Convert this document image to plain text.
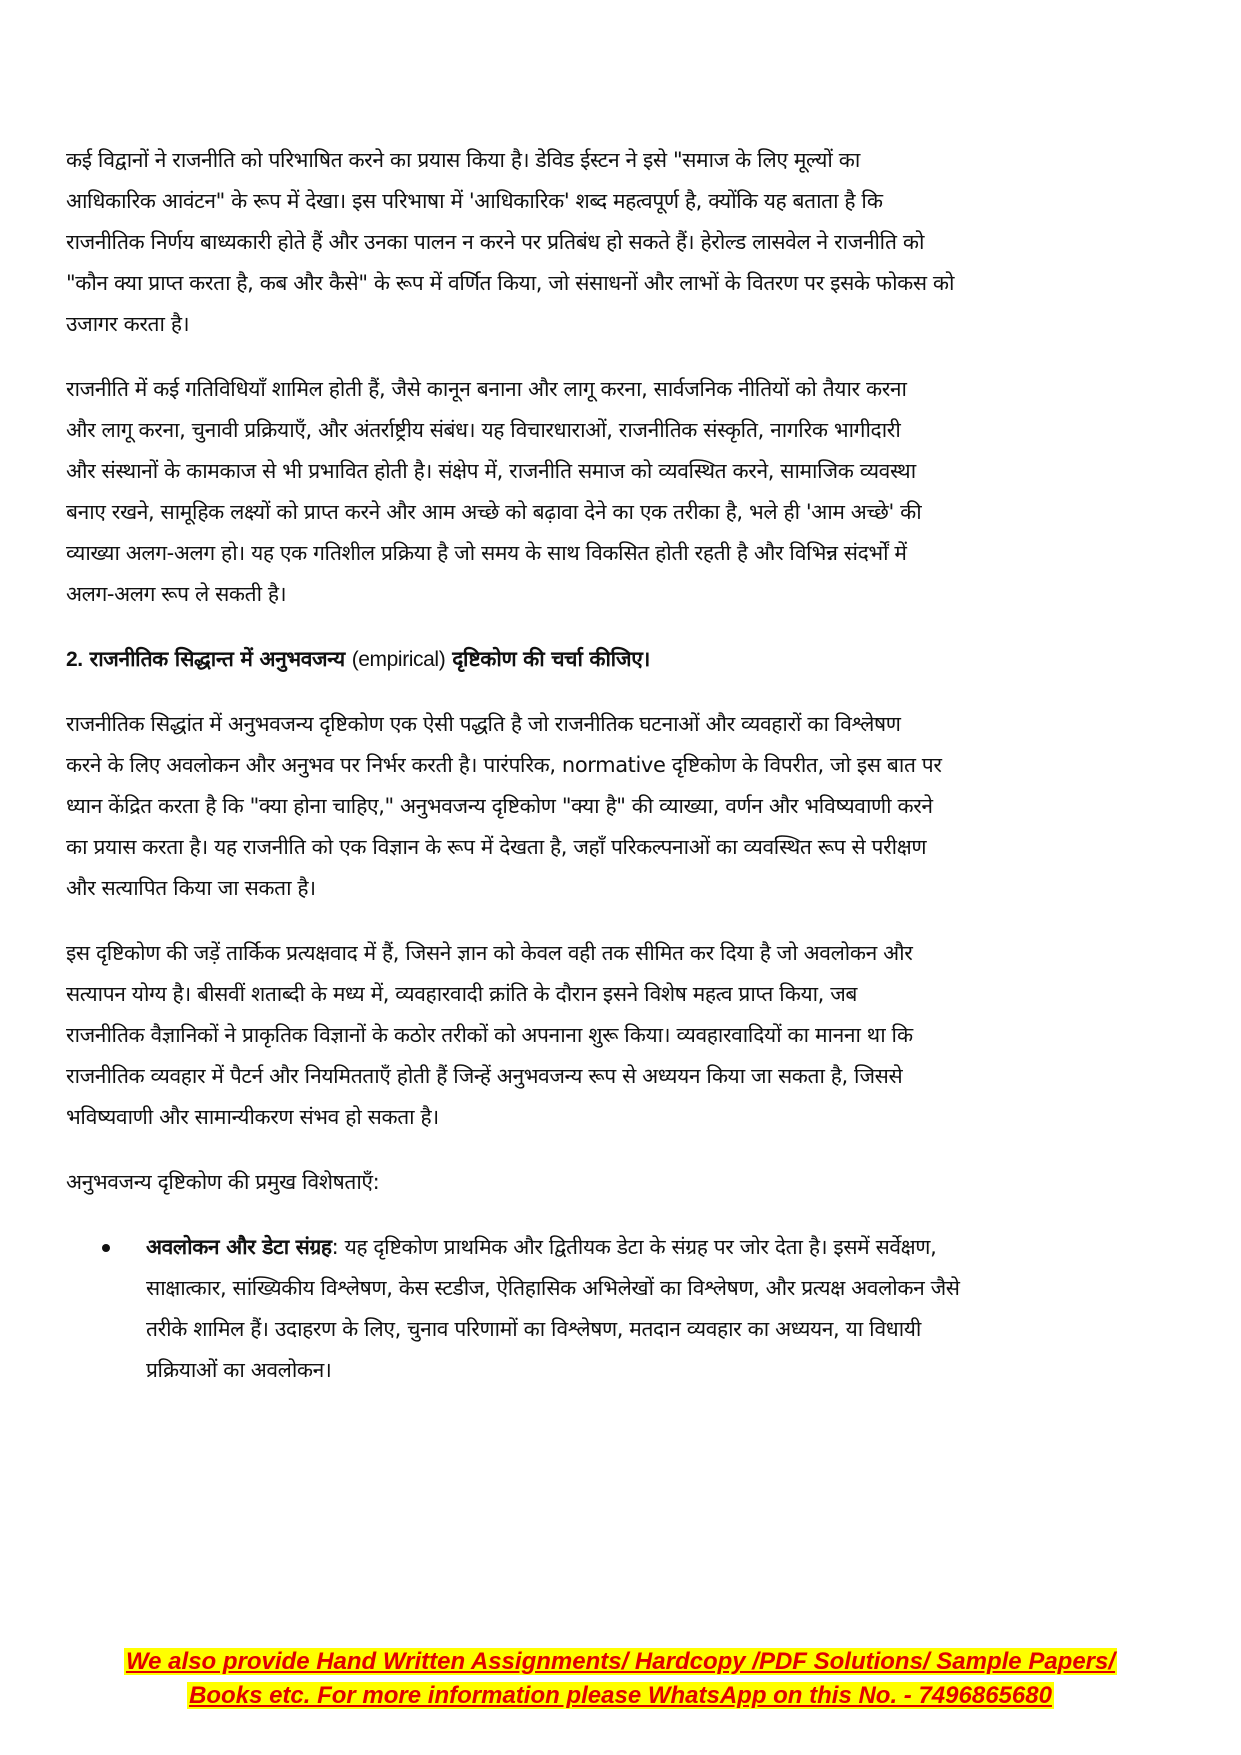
कई विद्वानों ने राजनीति को परिभाषित करने का प्रयास किया है। डेविड ईस्टन ने इसे "समाज के लिए मूल्यों का
आधिकारिक आवंटन" के रूप में देखा। इस परिभाषा में 'आधिकारिक' शब्द महत्वपूर्ण है, क्योंकि यह बताता है कि
राजनीतिक निर्णय बाध्यकारी होते हैं और उनका पालन न करने पर प्रतिबंध हो सकते हैं। हेरोल्ड लासवेल ने राजनीति को
"कौन क्या प्राप्त करता है, कब और कैसे" के रूप में वर्णित किया, जो संसाधनों और लाभों के वितरण पर इसके फोकस को
उजागर करता है।
राजनीति में कई गतिविधियाँ शामिल होती हैं, जैसे कानून बनाना और लागू करना, सार्वजनिक नीतियों को तैयार करना
और लागू करना, चुनावी प्रक्रियाएँ, और अंतर्राष्ट्रीय संबंध। यह विचारधाराओं, राजनीतिक संस्कृति, नागरिक भागीदारी
और संस्थानों के कामकाज से भी प्रभावित होती है। संक्षेप में, राजनीति समाज को व्यवस्थित करने, सामाजिक व्यवस्था
बनाए रखने, सामूहिक लक्ष्यों को प्राप्त करने और आम अच्छे को बढ़ावा देने का एक तरीका है, भले ही 'आम अच्छे' की
व्याख्या अलग-अलग हो। यह एक गतिशील प्रक्रिया है जो समय के साथ विकसित होती रहती है और विभिन्न संदर्भों में
अलग-अलग रूप ले सकती है।
2. राजनीतिक सिद्धान्त में अनुभवजन्य (empirical) दृष्टिकोण की चर्चा कीजिए।
राजनीतिक सिद्धांत में अनुभवजन्य दृष्टिकोण एक ऐसी पद्धति है जो राजनीतिक घटनाओं और व्यवहारों का विश्लेषण
करने के लिए अवलोकन और अनुभव पर निर्भर करती है। पारंपरिक, normative दृष्टिकोण के विपरीत, जो इस बात पर
ध्यान केंद्रित करता है कि "क्या होना चाहिए," अनुभवजन्य दृष्टिकोण "क्या है" की व्याख्या, वर्णन और भविष्यवाणी करने
का प्रयास करता है। यह राजनीति को एक विज्ञान के रूप में देखता है, जहाँ परिकल्पनाओं का व्यवस्थित रूप से परीक्षण
और सत्यापित किया जा सकता है।
इस दृष्टिकोण की जड़ें तार्किक प्रत्यक्षवाद में हैं, जिसने ज्ञान को केवल वही तक सीमित कर दिया है जो अवलोकन और
सत्यापन योग्य है। बीसवीं शताब्दी के मध्य में, व्यवहारवादी क्रांति के दौरान इसने विशेष महत्व प्राप्त किया, जब
राजनीतिक वैज्ञानिकों ने प्राकृतिक विज्ञानों के कठोर तरीकों को अपनाना शुरू किया। व्यवहारवादियों का मानना था कि
राजनीतिक व्यवहार में पैटर्न और नियमितताएँ होती हैं जिन्हें अनुभवजन्य रूप से अध्ययन किया जा सकता है, जिससे
भविष्यवाणी और सामान्यीकरण संभव हो सकता है।
अनुभवजन्य दृष्टिकोण की प्रमुख विशेषताएँ:
अवलोकन और डेटा संग्रह: यह दृष्टिकोण प्राथमिक और द्वितीयक डेटा के संग्रह पर जोर देता है। इसमें सर्वेक्षण,
साक्षात्कार, सांख्यिकीय विश्लेषण, केस स्टडीज, ऐतिहासिक अभिलेखों का विश्लेषण, और प्रत्यक्ष अवलोकन जैसे
तरीके शामिल हैं। उदाहरण के लिए, चुनाव परिणामों का विश्लेषण, मतदान व्यवहार का अध्ययन, या विधायी
प्रक्रियाओं का अवलोकन।
We also provide Hand Written Assignments/ Hardcopy /PDF Solutions/ Sample Papers/
Books etc. For more information please WhatsApp on this No. - 7496865680
